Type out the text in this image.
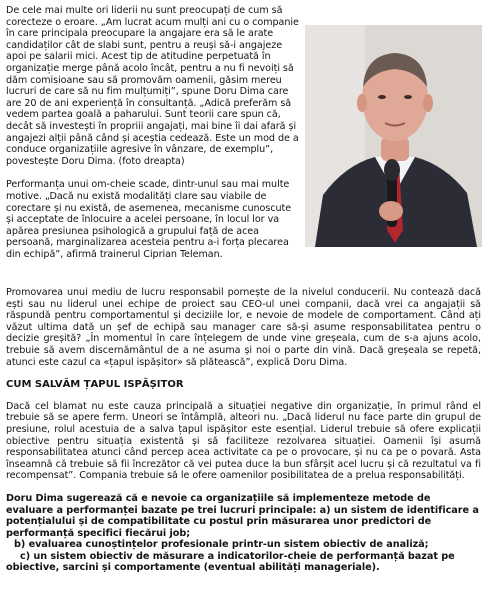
De cele mai multe ori liderii nu sunt preocupați de cum să corecteze o eroare. „Am lucrat acum mulți ani cu o companie în care principala preocupare la angajare era să le arate candidaților cât de slabi sunt, pentru a reuși să-i angajeze apoi pe salarii mici. Acest tip de atitudine perpetuată în organizație merge până acolo încât, pentru a nu fi nevoiți să dăm comisioane sau să promovăm oamenii, găsim mereu lucruri de care să nu fim mulțumiți”, spune Doru Dima care are 20 de ani experiență în consultanță. „Adică preferăm să vedem partea goală a paharului. Sunt teorii care spun că, decât să investești în propriii angajați, mai bine îi dai afară și angajezi alții până când și aceștia cedează. Este un mod de a conduce organizațiile agresive în vânzare, de exemplu”, povestește Doru Dima. (foto dreapta)

Performanța unui om-cheie scade, dintr-unul sau mai multe motive. „Dacă nu există modalități clare sau viabile de corectare și nu există, de asemenea, mecanisme cunoscute și acceptate de înlocuire a acelei persoane, în locul lor va apărea presiunea psihologică a grupului față de acea persoană, marginalizarea acesteia pentru a-i forța plecarea din echipă”, afirmă trainerul Ciprian Teleman.

Promovarea unui mediu de lucru responsabil pornește de la nivelul conducerii. Nu contează dacă ești sau nu liderul unei echipe de proiect sau CEO-ul unei companii, dacă vrei ca angajații să răspundă pentru comportamentul și deciziile lor, e nevoie de modele de comportament. Când ați văzut ultima dată un șef de echipă sau manager care să-și asume responsabilitatea pentru o decizie greșită? „În momentul în care înțelegem de unde vine greșeala, cum de s-a ajuns acolo, trebuie să avem discernământul de a ne asuma și noi o parte din vină. Dacă greșeala se repetă, atunci este cazul ca «țapul ispășitor» să plătească”, explică Doru Dima.

CUM SALVĂM ȚAPUL ISPĂȘITOR

Dacă cel blamat nu este cauza principală a situației negative din organizație, în primul rând el trebuie să se apere ferm. Uneori se întâmplă, alteori nu. „Dacă liderul nu face parte din grupul de presiune, rolul acestuia de a salva țapul ispășitor este esențial. Liderul trebuie să ofere explicații obiective pentru situația existentă și să faciliteze rezolvarea situației. Oamenii își asumă responsabilitatea atunci când percep acea activitate ca pe o provocare, și nu ca pe o povară. Asta înseamnă că trebuie să fii încrezător că vei putea duce la bun sfârșit acel lucru și că rezultatul va fi recompensat”. Compania trebuie să le ofere oamenilor posibilitatea de a prelua responsabilități.

Doru Dima sugerează că e nevoie ca organizațiile să implementeze metode de
evaluare a performanței bazate pe trei lucruri principale: a) un sistem de identificare a
potențialului și de compatibilitate cu postul prin măsurarea unor predictori de
performanță specifici fiecărui job;
b) evaluarea cunoștințelor profesionale printr-un sistem obiectiv de analiză;
c) un sistem obiectiv de măsurare a indicatorilor-cheie de performanță bazat pe
obiective, sarcini și comportamente (eventual abilități manageriale).
